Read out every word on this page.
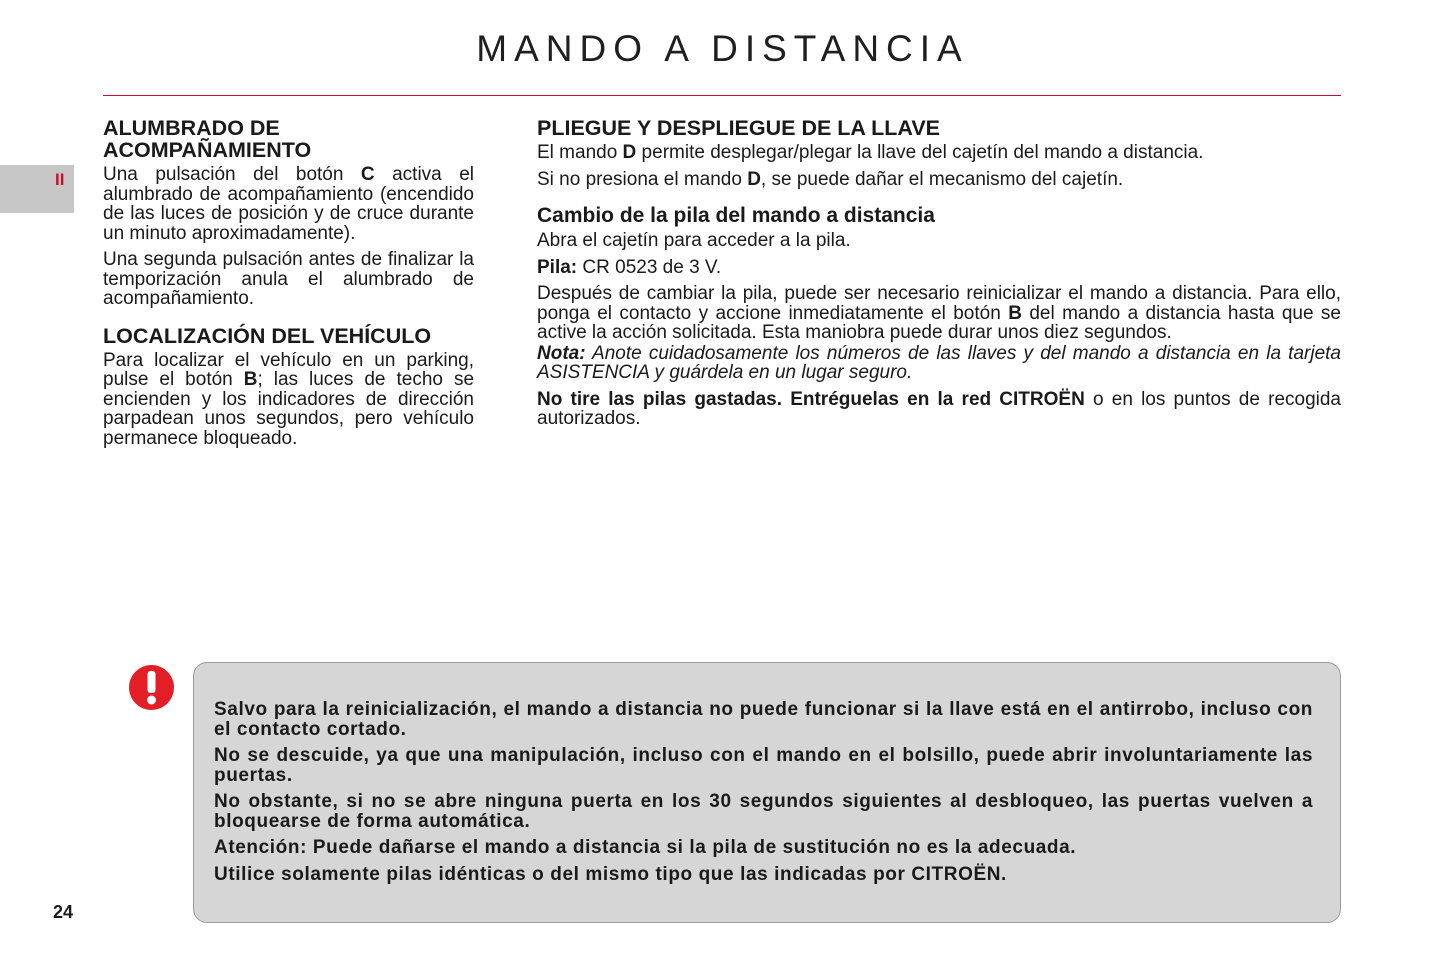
MANDO A DISTANCIA
II
ALUMBRADO DE
ACOMPAÑAMIENTO

Una pulsación del botón C activa el alumbrado de acompañamiento (encendido de las luces de posición y de cruce durante un minuto aproximadamente).

Una segunda pulsación antes de finalizar la temporización anula el alumbrado de acompañamiento.

LOCALIZACIÓN DEL VEHÍCULO

Para localizar el vehículo en un parking, pulse el botón B; las luces de techo se encienden y los indicadores de dirección parpadean unos segundos, pero vehículo permanece bloqueado.

PLIEGUE Y DESPLIEGUE DE LA LLAVE

El mando D permite desplegar/plegar la llave del cajetín del mando a distancia.

Si no presiona el mando D, se puede dañar el mecanismo del cajetín.

Cambio de la pila del mando a distancia

Abra el cajetín para acceder a la pila.

Pila: CR 0523 de 3 V.

Después de cambiar la pila, puede ser necesario reinicializar el mando a distancia. Para ello, ponga el contacto y accione inmediatamente el botón B del mando a distancia hasta que se active la acción solicitada. Esta maniobra puede durar unos diez segundos.

Nota: Anote cuidadosamente los números de las llaves y del mando a distancia en la tarjeta ASISTENCIA y guárdela en un lugar seguro.

No tire las pilas gastadas. Entréguelas en la red CITROËN o en los puntos de recogida autorizados.

Salvo para la reinicialización, el mando a distancia no puede funcionar si la llave está en el antirrobo, incluso con el contacto cortado.

No se descuide, ya que una manipulación, incluso con el mando en el bolsillo, puede abrir involuntariamente las puertas.

No obstante, si no se abre ninguna puerta en los 30 segundos siguientes al desbloqueo, las puertas vuelven a bloquearse de forma automática.

Atención: Puede dañarse el mando a distancia si la pila de sustitución no es la adecuada.

Utilice solamente pilas idénticas o del mismo tipo que las indicadas por CITROËN.

24
